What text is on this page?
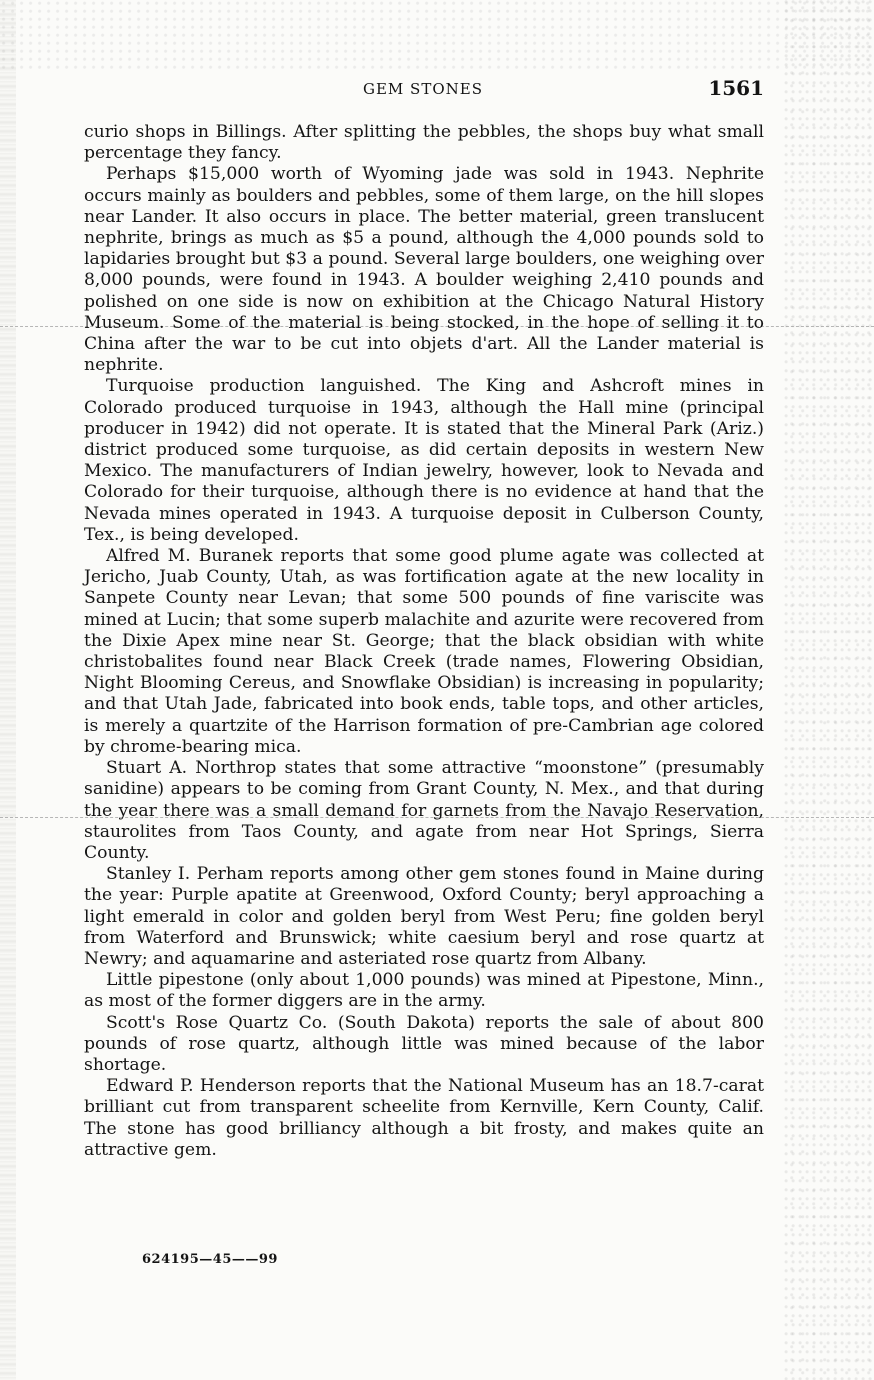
GEM STONES	1561

curio shops in Billings. After splitting the pebbles, the shops buy what small percentage they fancy.

Perhaps $15,000 worth of Wyoming jade was sold in 1943. Nephrite occurs mainly as boulders and pebbles, some of them large, on the hill slopes near Lander. It also occurs in place. The better material, green translucent nephrite, brings as much as $5 a pound, although the 4,000 pounds sold to lapidaries brought but $3 a pound. Several large boulders, one weighing over 8,000 pounds, were found in 1943. A boulder weighing 2,410 pounds and polished on one side is now on exhibition at the Chicago Natural History Museum. Some of the material is being stocked, in the hope of selling it to China after the war to be cut into objets d'art. All the Lander material is nephrite.

Turquoise production languished. The King and Ashcroft mines in Colorado produced turquoise in 1943, although the Hall mine (principal producer in 1942) did not operate. It is stated that the Mineral Park (Ariz.) district produced some turquoise, as did certain deposits in western New Mexico. The manufacturers of Indian jewelry, however, look to Nevada and Colorado for their turquoise, although there is no evidence at hand that the Nevada mines operated in 1943. A turquoise deposit in Culberson County, Tex., is being developed.

Alfred M. Buranek reports that some good plume agate was collected at Jericho, Juab County, Utah, as was fortification agate at the new locality in Sanpete County near Levan; that some 500 pounds of fine variscite was mined at Lucin; that some superb malachite and azurite were recovered from the Dixie Apex mine near St. George; that the black obsidian with white christobalites found near Black Creek (trade names, Flowering Obsidian, Night Blooming Cereus, and Snowflake Obsidian) is increasing in popularity; and that Utah Jade, fabricated into book ends, table tops, and other articles, is merely a quartzite of the Harrison formation of pre-Cambrian age colored by chrome-bearing mica.

Stuart A. Northrop states that some attractive “moonstone” (presumably sanidine) appears to be coming from Grant County, N. Mex., and that during the year there was a small demand for garnets from the Navajo Reservation, staurolites from Taos County, and agate from near Hot Springs, Sierra County.

Stanley I. Perham reports among other gem stones found in Maine during the year: Purple apatite at Greenwood, Oxford County; beryl approaching a light emerald in color and golden beryl from West Peru; fine golden beryl from Waterford and Brunswick; white caesium beryl and rose quartz at Newry; and aquamarine and asteriated rose quartz from Albany.

Little pipestone (only about 1,000 pounds) was mined at Pipestone, Minn., as most of the former diggers are in the army.

Scott's Rose Quartz Co. (South Dakota) reports the sale of about 800 pounds of rose quartz, although little was mined because of the labor shortage.

Edward P. Henderson reports that the National Museum has an 18.7-carat brilliant cut from transparent scheelite from Kernville, Kern County, Calif. The stone has good brilliancy although a bit frosty, and makes quite an attractive gem.

624195—45——99
